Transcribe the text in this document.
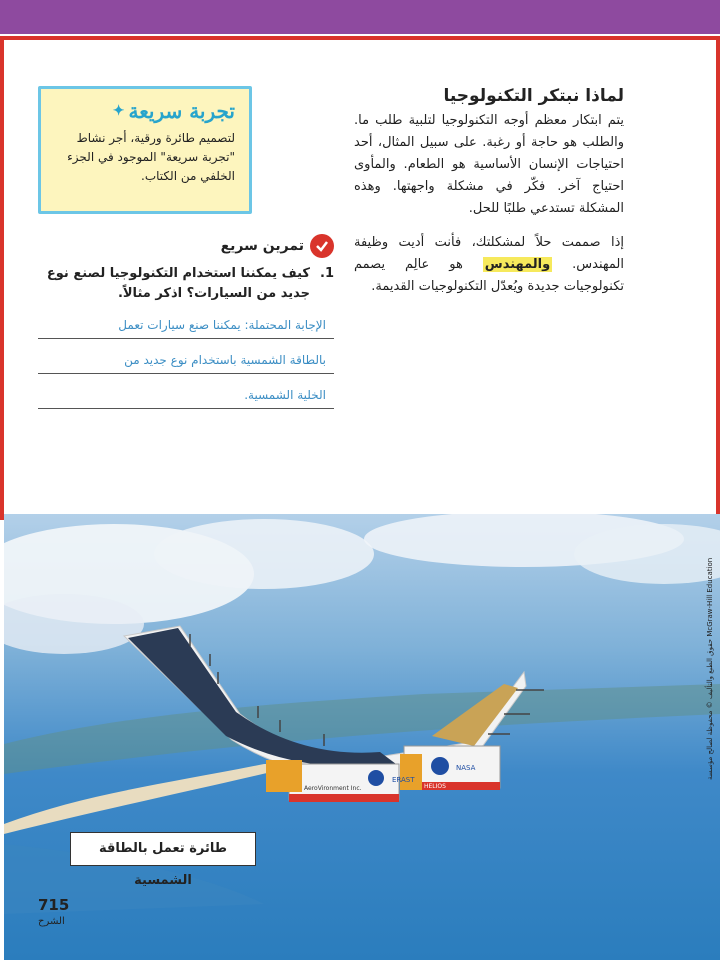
لماذا نبتكر التكنولوجيا

يتم ابتكار معظم أوجه التكنولوجيا لتلبية طلب ما. والطلب هو حاجة أو رغبة. على سبيل المثال، أحد احتياجات الإنسان الأساسية هو الطعام. والمأوى احتياج آخر. فكّر في مشكلة واجهتها. وهذه المشكلة تستدعي طلبًا للحل.

إذا صممت حلاً لمشكلتك، فأنت أديت وظيفة المهندس. والمهندس هو عالِم يصمم تكنولوجيات جديدة ويُعدّل التكنولوجيات القديمة.

تجربة سريعة
✦
لتصميم طائرة ورقية، أجر نشاط "تجربة سريعة" الموجود في الجزء الخلفي من الكتاب.
تمرين سريع
1.
كيف يمكننا استخدام التكنولوجيا لصنع نوع جديد من السيارات؟ اذكر مثالاً.
الإجابة المحتملة: يمكننا صنع سيارات تعمل
بالطاقة الشمسية باستخدام نوع جديد من
الخلية الشمسية.
ERAST
NASA
AeroVironment Inc.	HELIOS
طائرة تعمل بالطاقة الشمسية
حقوق الطبع والتأليف © محفوظة لصالح مؤسسة McGraw-Hill Education
715
الشرح
